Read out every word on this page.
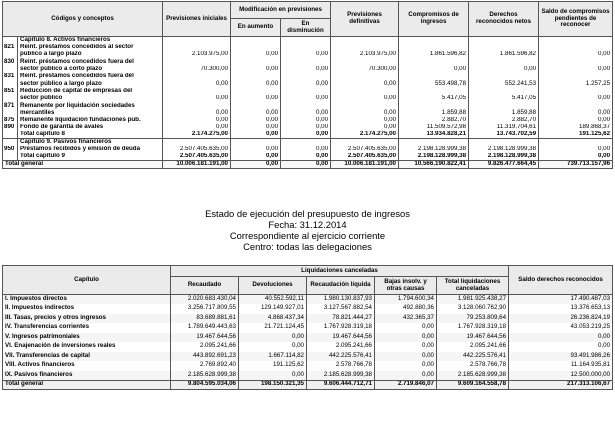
Códigos y conceptos		Previsiones iniciales	Modificación en previsiones		Previsiones definitivas	Compromisos de ingresos	Derechos reconocidos netos	Saldo de compromisos pendientes de reconocer
			En aumento	En disminución				
	Capítulo 8. Activos financieros							
821	Reint. préstamos concedidos al sector							
	público a largo plazo	2.103.975,00	0,00	0,00	2.103.975,00	1.861.596,82	1.861.596,82	0,00
830	Reint. préstamos concedidos fuera del							
	sector público a corto plazo	70.300,00	0,00	0,00	70.300,00	0,00	0,00	0,00
831	Reint. préstamos concedidos fuera del							
	sector público a largo plazo	0,00	0,00	0,00	0,00	553.498,78	552.241,53	1.257,25
851	Reducción de capital de empresas del							
	sector público	0,00	0,00	0,00	0,00	5.417,05	5.417,05	0,00
871	Remanente por liquidación sociedades							
	mercantiles	0,00	0,00	0,00	0,00	1.859,88	1.859,88	0,00
875	Remanente liquidación fundaciones pub.	0,00	0,00	0,00	0,00	2.882,70	2.882,70	0,00
890	Fondo de garantía de avales	0,00	0,00	0,00	0,00	11.509.572,98	11.319.704,61	189.868,37
	Total capítulo 8	2.174.275,00	0,00	0,00	2.174.275,00	13.934.828,21	13.743.702,59	191.125,62
	Capítulo 9. Pasivos financieros							
950	Préstamos recibidos y emisión de deuda	2.507.405.635,00	0,00	0,00	2.507.405.635,00	2.198.128.999,38	2.198.128.999,38	0,00
	Total capítulo 9	2.507.405.635,00	0,00	0,00	2.507.405.635,00	2.198.128.999,38	2.198.128.999,38	0,00
Total general		10.006.181.191,00	0,00	0,00	10.006.181.191,00	10.566.190.822,41	9.826.477.664,45	739.713.157,96
Estado de ejecución del presupuesto de ingresos
Fecha: 31.12.2014
Correspondiente al ejercicio corriente
Centro: todas las delegaciones
Capítulo	Liquidaciones canceladas					Saldo derechos reconocidos
	Recaudado	Devoluciones	Recaudación líquida	Bajas insolv. y otras causas	Total liquidaciones canceladas	
I. Impuestos directos	2.020.683.430,04	40.552.592,11	1.980.130.837,93	1.794.600,34	1.981.925.438,27	17.490.487,03
II. Impuestos indirectos	3.256.717.809,55	129.149.927,01	3.127.567.882,54	492.880,36	3.128.060.762,90	13.376.653,13
III. Tasas, precios y otros ingresos	83.689.881,61	4.868.437,34	78.821.444,27	432.365,37	79.253.809,64	26.236.824,19
IV. Transferencias corrientes	1.789.649.443,63	21.721.124,45	1.767.928.319,18	0,00	1.767.928.319,18	43.053.219,25
V. Ingresos patrimoniales	19.467.644,56	0,00	19.467.644,56	0,00	19.467.644,56	0,00
VI. Enajenación de inversiones reales	2.095.241,66	0,00	2.095.241,66	0,00	2.095.241,66	0,00
VII. Transferencias de capital	443.892.691,23	1.667.114,82	442.225.576,41	0,00	442.225.576,41	93.491.986,26
VIII. Activos financieros	2.769.892,40	191.125,62	2.578.766,78	0,00	2.578.766,78	11.164.935,81
IX. Pasivos financieros	2.185.628.999,38	0,00	2.185.628.999,38	0,00	2.185.628.999,38	12.500.000,00
Total general	9.804.595.034,06	198.150.321,35	9.606.444.712,71	2.719.846,07	9.609.164.558,78	217.313.106,67
